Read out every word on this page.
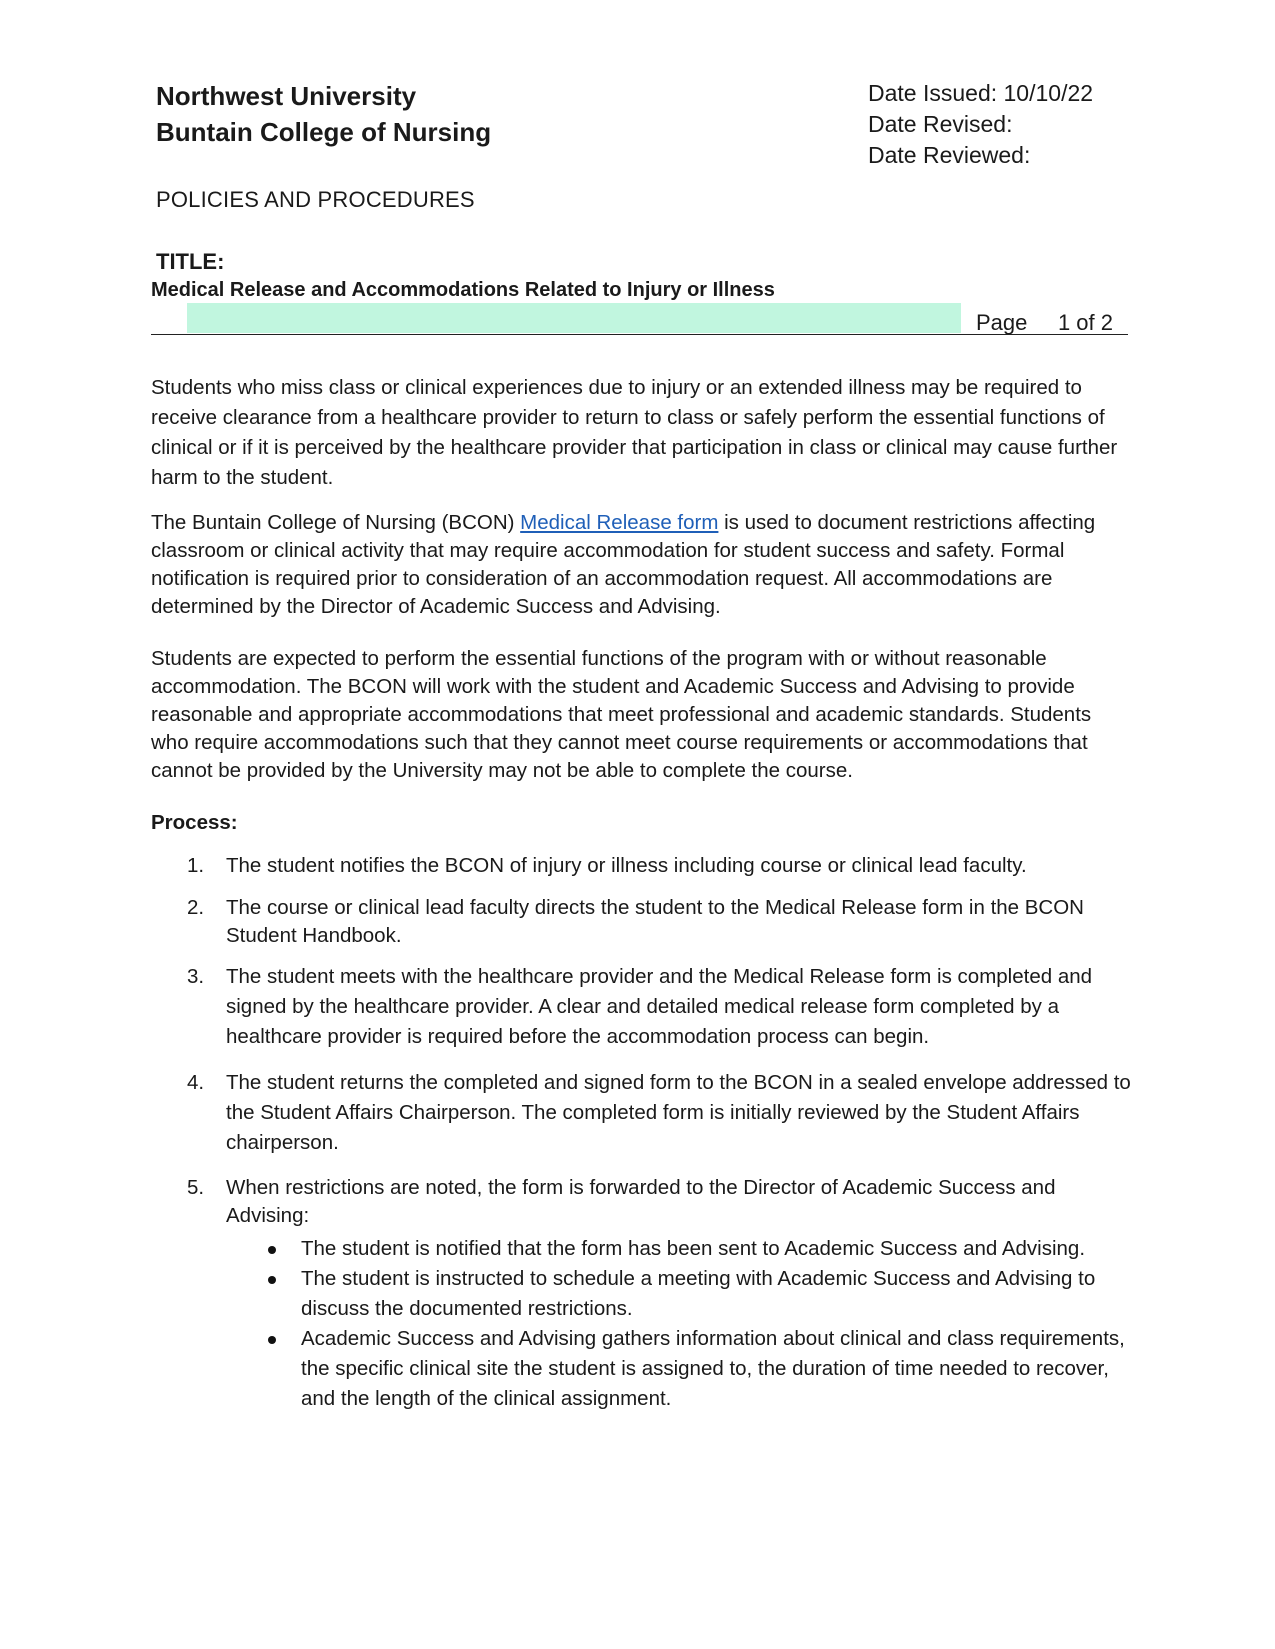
Northwest University
Buntain College of Nursing
Date Issued: 10/10/22
Date Revised:
Date Reviewed:
POLICIES AND PROCEDURES
TITLE:
Medical Release and Accommodations Related to Injury or Illness
Page     1 of 2

Students who miss class or clinical experiences due to injury or an extended illness may be required to receive clearance from a healthcare provider to return to class or safely perform the essential functions of clinical or if it is perceived by the healthcare provider that participation in class or clinical may cause further harm to the student.

The Buntain College of Nursing (BCON) Medical Release form is used to document restrictions affecting classroom or clinical activity that may require accommodation for student success and safety. Formal notification is required prior to consideration of an accommodation request. All accommodations are determined by the Director of Academic Success and Advising.

Students are expected to perform the essential functions of the program with or without reasonable accommodation. The BCON will work with the student and Academic Success and Advising to provide reasonable and appropriate accommodations that meet professional and academic standards. Students who require accommodations such that they cannot meet course requirements or accommodations that cannot be provided by the University may not be able to complete the course.

Process:

1. The student notifies the BCON of injury or illness including course or clinical lead faculty.
2. The course or clinical lead faculty directs the student to the Medical Release form in the BCON Student Handbook.
3. The student meets with the healthcare provider and the Medical Release form is completed and signed by the healthcare provider. A clear and detailed medical release form completed by a healthcare provider is required before the accommodation process can begin.
4. The student returns the completed and signed form to the BCON in a sealed envelope addressed to the Student Affairs Chairperson. The completed form is initially reviewed by the Student Affairs chairperson.
5. When restrictions are noted, the form is forwarded to the Director of Academic Success and Advising:
The student is notified that the form has been sent to Academic Success and Advising.
The student is instructed to schedule a meeting with Academic Success and Advising to discuss the documented restrictions.
Academic Success and Advising gathers information about clinical and class requirements, the specific clinical site the student is assigned to, the duration of time needed to recover, and the length of the clinical assignment.
